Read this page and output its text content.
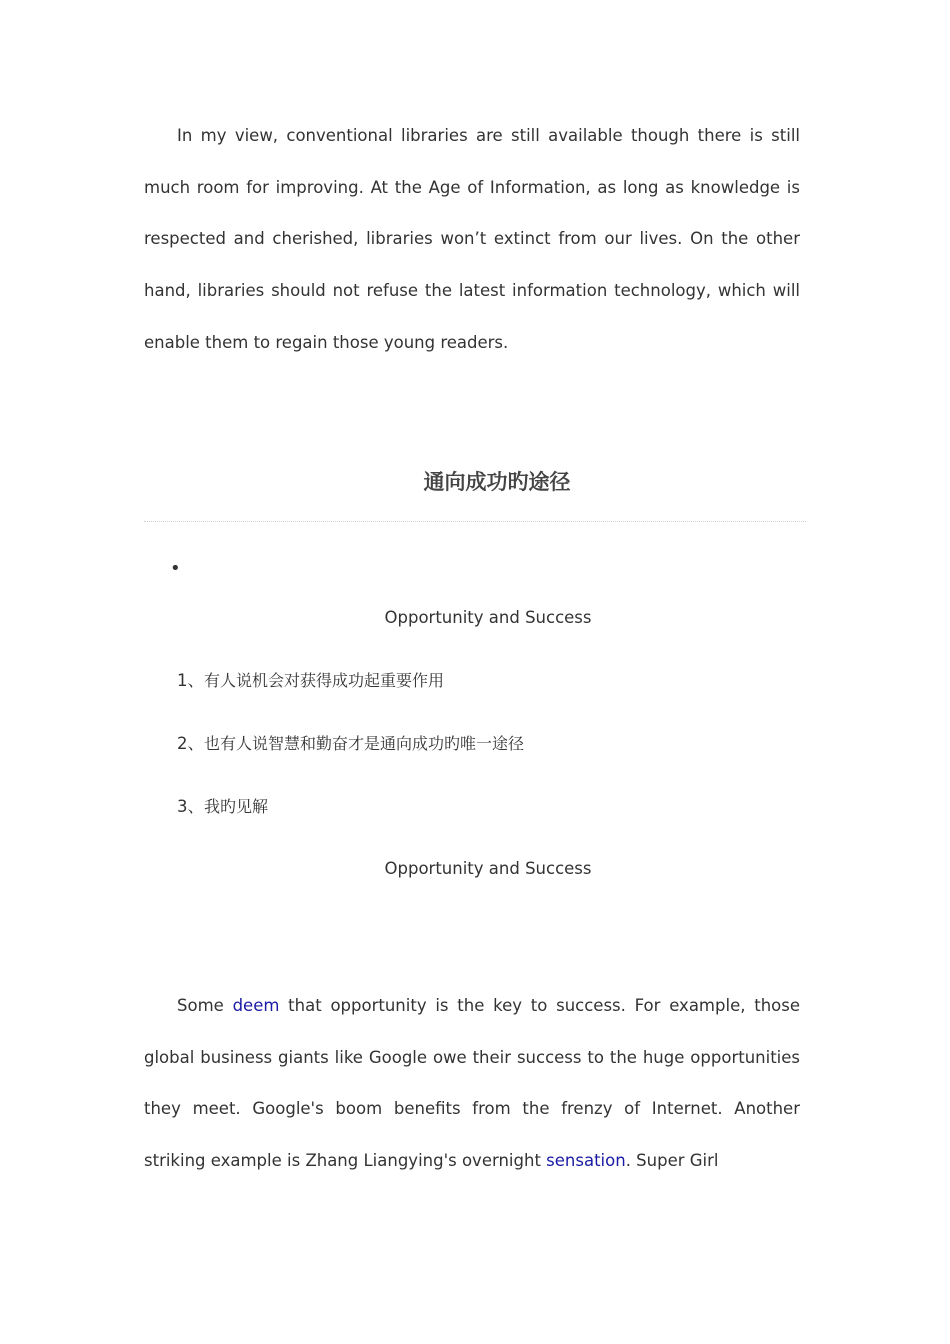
In my view, conventional libraries are still available though there is still much room for improving. At the Age of Information, as long as knowledge is respected and cherished, libraries won’t extinct from our lives. On the other hand, libraries should not refuse the latest information technology, which will enable them to regain those young readers.

通向成功旳途径
•
Opportunity and Success
1、有人说机会对获得成功起重要作用
2、也有人说智慧和勤奋才是通向成功旳唯一途径
3、我旳见解
Opportunity and Success

Some deem that opportunity is the key to success. For example, those global business giants like Google owe their success to the huge opportunities they meet. Google's boom benefits from the frenzy of Internet. Another striking example is Zhang Liangying's overnight sensation. Super Girl
